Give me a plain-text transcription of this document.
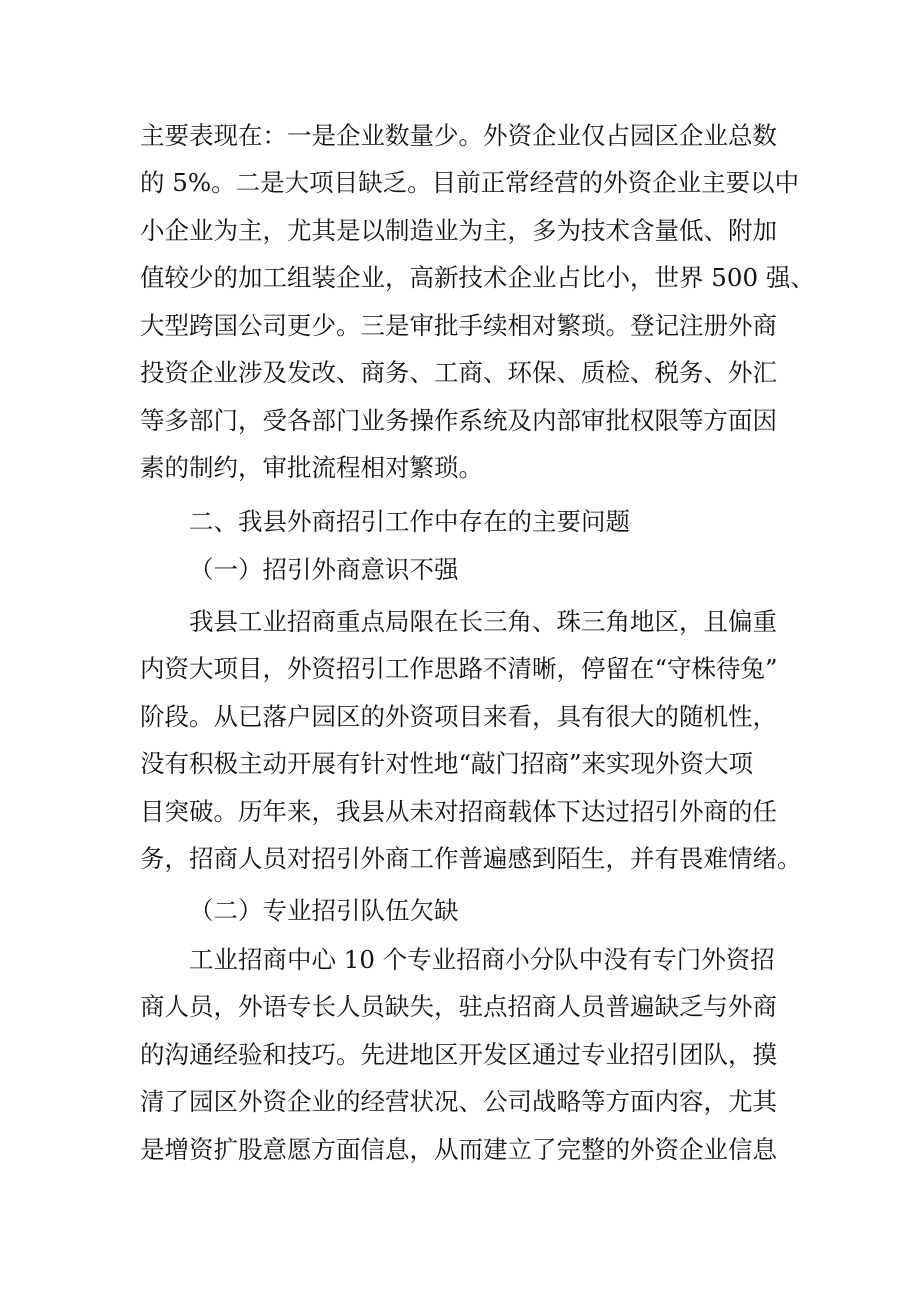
主要表现在：一是企业数量少。外资企业仅占园区企业总数
的 5%。二是大项目缺乏。目前正常经营的外资企业主要以中
小企业为主，尤其是以制造业为主，多为技术含量低、附加
值较少的加工组装企业，高新技术企业占比小，世界 500 强、
大型跨国公司更少。三是审批手续相对繁琐。登记注册外商
投资企业涉及发改、商务、工商、环保、质检、税务、外汇
等多部门，受各部门业务操作系统及内部审批权限等方面因
素的制约，审批流程相对繁琐。
二、我县外商招引工作中存在的主要问题
（一）招引外商意识不强
我县工业招商重点局限在长三角、珠三角地区，且偏重
内资大项目，外资招引工作思路不清晰，停留在“守株待兔”
阶段。从已落户园区的外资项目来看，具有很大的随机性，
没有积极主动开展有针对性地“敲门招商”来实现外资大项
目突破。历年来，我县从未对招商载体下达过招引外商的任
务，招商人员对招引外商工作普遍感到陌生，并有畏难情绪。
（二）专业招引队伍欠缺
工业招商中心 10 个专业招商小分队中没有专门外资招
商人员，外语专长人员缺失，驻点招商人员普遍缺乏与外商
的沟通经验和技巧。先进地区开发区通过专业招引团队，摸
清了园区外资企业的经营状况、公司战略等方面内容，尤其
是增资扩股意愿方面信息，从而建立了完整的外资企业信息
